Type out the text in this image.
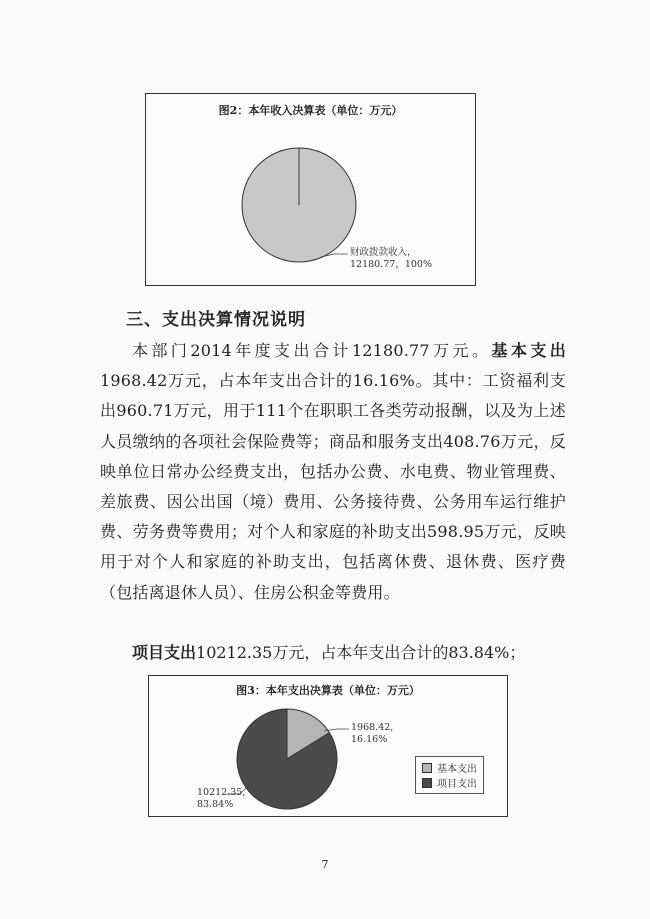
图2：本年收入决算表（单位：万元）
财政拨款收入，
12180.77，100%
三、支出决算情况说明
本部门2014年度支出合计12180.77万元。基本支出1968.42万元，占本年支出合计的16.16%。其中：工资福利支出960.71万元，用于111个在职职工各类劳动报酬，以及为上述人员缴纳的各项社会保险费等；商品和服务支出408.76万元，反映单位日常办公经费支出，包括办公费、水电费、物业管理费、差旅费、因公出国（境）费用、公务接待费、公务用车运行维护费、劳务费等费用；对个人和家庭的补助支出598.95万元，反映用于对个人和家庭的补助支出，包括离休费、退休费、医疗费（包括离退休人员）、住房公积金等费用。
项目支出10212.35万元，占本年支出合计的83.84%；
图3：本年支出决算表（单位：万元）
1968.42,
16.16%
10212.35,
83.84%
基本支出
项目支出
7
